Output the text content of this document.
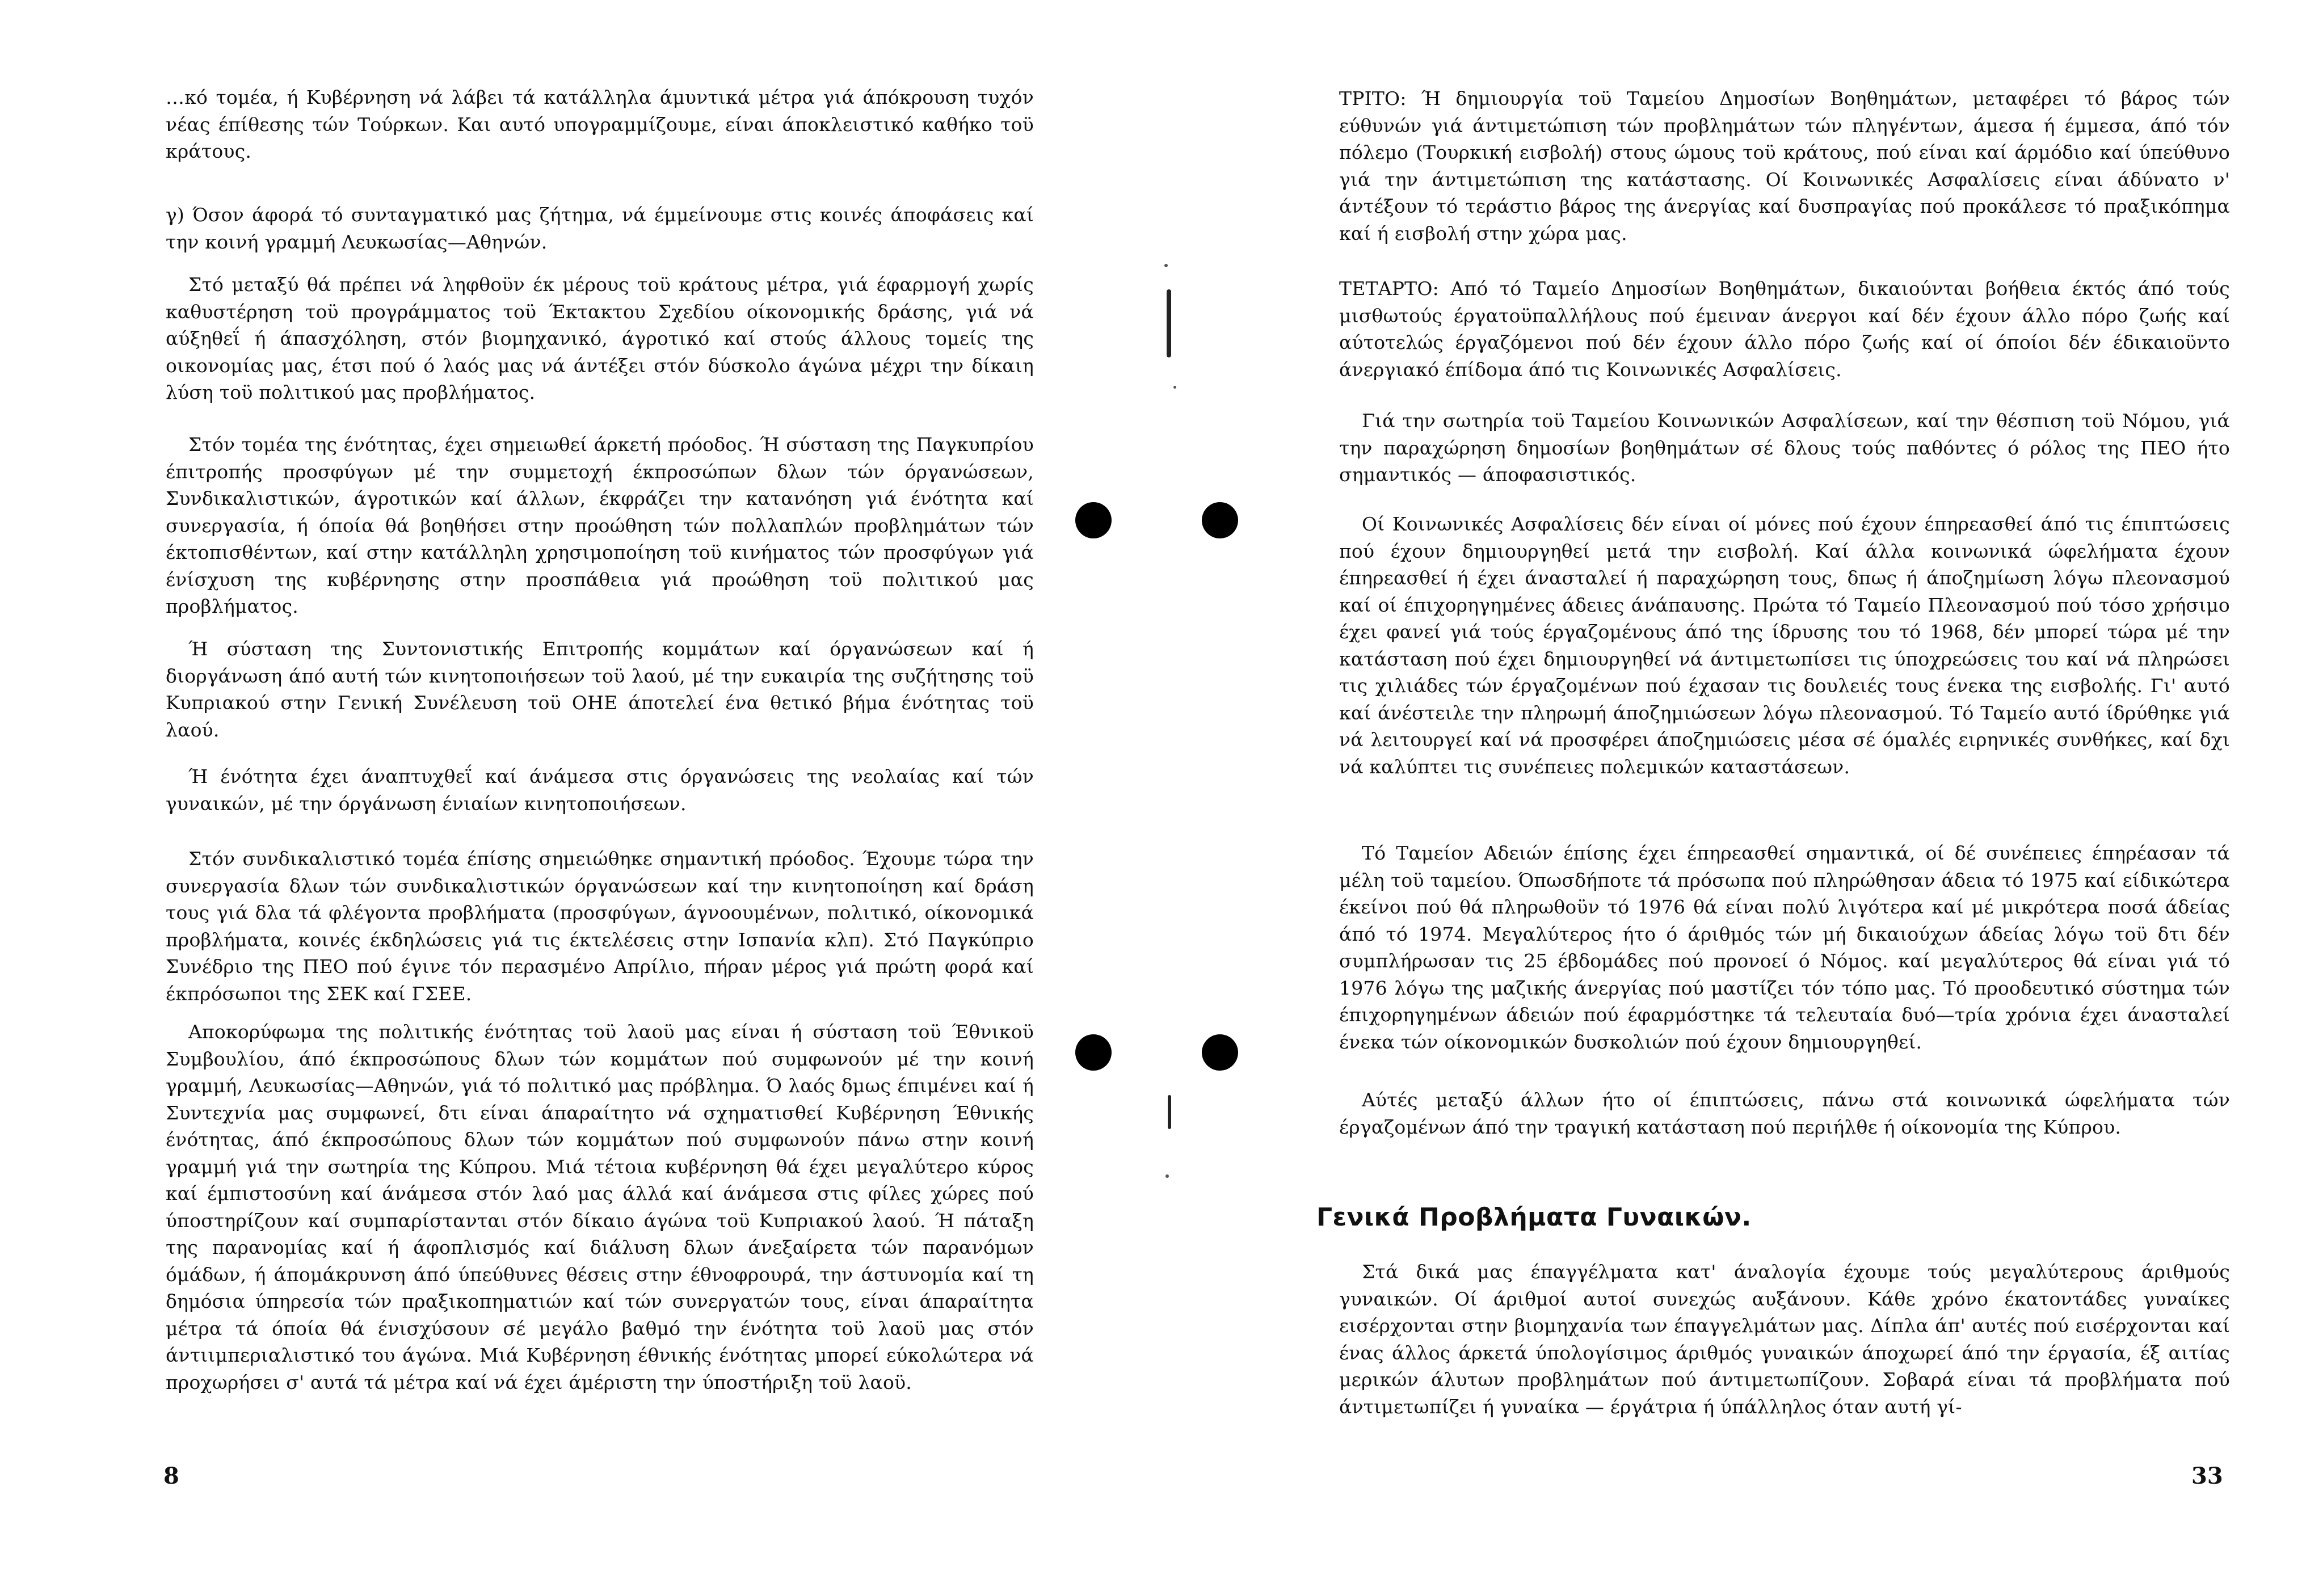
…κό τομέα, ή Κυβέρνηση νά λάβει τά κατάλληλα άμυντικά μέτρα γιά άπόκρουση τυχόν νέας έπίθεσης τών Τούρκων. Και αυτό υπογραμμίζουμε, είναι άποκλειστικό καθήκο τοϋ κράτους.

γ) Όσον άφορά τό συνταγματικό μας ζήτημα, νά έμμείνουμε στις κοινές άποφάσεις καί την κοινή γραμμή Λευκωσίας—Αθηνών.

Στό μεταξύ θά πρέπει νά ληφθοϋν έκ μέρους τοϋ κράτους μέτρα, γιά έφαρμογή χωρίς καθυστέρηση τοϋ προγράμματος τοϋ Έκτακτου Σχεδίου οίκονομικής δράσης, γιά νά αύξηθεΐ ή άπασχόληση, στόν βιομηχανικό, άγροτικό καί στούς άλλους τομείς της οικονομίας μας, έτσι πού ό λαός μας νά άντέξει στόν δύσκολο άγώνα μέχρι την δίκαιη λύση τοϋ πολιτικού μας προβλήματος.

Στόν τομέα της ένότητας, έχει σημειωθεί άρκετή πρόοδος. Ή σύσταση της Παγκυπρίου έπιτροπής προσφύγων μέ την συμμετοχή έκπροσώπων δλων τών όργανώσεων, Συνδικαλιστικών, άγροτικών καί άλλων, έκφράζει την κατανόηση γιά ένότητα καί συνεργασία, ή όποία θά βοηθήσει στην προώθηση τών πολλαπλών προβλημάτων τών έκτοπισθέντων, καί στην κατάλληλη χρησιμοποίηση τοϋ κινήματος τών προσφύγων γιά ένίσχυση της κυβέρνησης στην προσπάθεια γιά προώθηση τοϋ πολιτικού μας προβλήματος.

Ή σύσταση της Συντονιστικής Επιτροπής κομμάτων καί όργανώσεων καί ή διοργάνωση άπό αυτή τών κινητοποιήσεων τοϋ λαού, μέ την ευκαιρία της συζήτησης τοϋ Κυπριακού στην Γενική Συνέλευση τοϋ ΟΗΕ άποτελεί ένα θετικό βήμα ένότητας τοϋ λαού.

Ή ένότητα έχει άναπτυχθεΐ καί άνάμεσα στις όργανώσεις της νεολαίας καί τών γυναικών, μέ την όργάνωση ένιαίων κινητοποιήσεων.

Στόν συνδικαλιστικό τομέα έπίσης σημειώθηκε σημαντική πρόοδος. Έχουμε τώρα την συνεργασία δλων τών συνδικαλιστικών όργανώσεων καί την κινητοποίηση καί δράση τους γιά δλα τά φλέγοντα προβλήματα (προσφύγων, άγνοουμένων, πολιτικό, οίκονομικά προβλήματα, κοινές έκδηλώσεις γιά τις έκτελέσεις στην Ισπανία κλπ). Στό Παγκύπριο Συνέδριο της ΠΕΟ πού έγινε τόν περασμένο Απρίλιο, πήραν μέρος γιά πρώτη φορά καί έκπρόσωποι της ΣΕΚ καί ΓΣΕΕ.

Αποκορύφωμα της πολιτικής ένότητας τοϋ λαοϋ μας είναι ή σύσταση τοϋ Έθνικοϋ Συμβουλίου, άπό έκπροσώπους δλων τών κομμάτων πού συμφωνούν μέ την κοινή γραμμή, Λευκωσίας—Αθηνών, γιά τό πολιτικό μας πρόβλημα. Ό λαός δμως έπιμένει καί ή Συντεχνία μας συμφωνεί, δτι είναι άπαραίτητο νά σχηματισθεί Κυβέρνηση Έθνικής ένότητας, άπό έκπροσώπους δλων τών κομμάτων πού συμφωνούν πάνω στην κοινή γραμμή γιά την σωτηρία της Κύπρου. Μιά τέτοια κυβέρνηση θά έχει μεγαλύτερο κύρος καί έμπιστοσύνη καί άνάμεσα στόν λαό μας άλλά καί άνάμεσα στις φίλες χώρες πού ύποστηρίζουν καί συμπαρίστανται στόν δίκαιο άγώνα τοϋ Κυπριακού λαού. Ή πάταξη της παρανομίας καί ή άφοπλισμός καί διάλυση δλων άνεξαίρετα τών παρανόμων όμάδων, ή άπομάκρυνση άπό ύπεύθυνες θέσεις στην έθνοφρουρά, την άστυνομία καί τη δημόσια ύπηρεσία τών πραξικοπηματιών καί τών συνεργατών τους, είναι άπαραίτητα μέτρα τά όποία θά ένισχύσουν σέ μεγάλο βαθμό την ένότητα τοϋ λαοϋ μας στόν άντιιμπεριαλιστικό του άγώνα. Μιά Κυβέρνηση έθνικής ένότητας μπορεί εύκολώτερα νά προχωρήσει σ' αυτά τά μέτρα καί νά έχει άμέριστη την ύποστήριξη τοϋ λαοϋ.

8

ΤΡΙΤΟ: Ή δημιουργία τοϋ Ταμείου Δημοσίων Βοηθημάτων, μεταφέρει τό βάρος τών εύθυνών γιά άντιμετώπιση τών προβλημάτων τών πληγέντων, άμεσα ή έμμεσα, άπό τόν πόλεμο (Τουρκική εισβολή) στους ώμους τοϋ κράτους, πού είναι καί άρμόδιο καί ύπεύθυνο γιά την άντιμετώπιση της κατάστασης. Οί Κοινωνικές Ασφαλίσεις είναι άδύνατο ν' άντέξουν τό τεράστιο βάρος της άνεργίας καί δυσπραγίας πού προκάλεσε τό πραξικόπημα καί ή εισβολή στην χώρα μας.

ΤΕΤΑΡΤΟ: Από τό Ταμείο Δημοσίων Βοηθημάτων, δικαιούνται βοήθεια έκτός άπό τούς μισθωτούς έργατοϋπαλλήλους πού έμειναν άνεργοι καί δέν έχουν άλλο πόρο ζωής καί αύτοτελώς έργαζόμενοι πού δέν έχουν άλλο πόρο ζωής καί οί όποίοι δέν έδικαιοϋντο άνεργιακό έπίδομα άπό τις Κοινωνικές Ασφαλίσεις.

Γιά την σωτηρία τοϋ Ταμείου Κοινωνικών Ασφαλίσεων, καί την θέσπιση τοϋ Νόμου, γιά την παραχώρηση δημοσίων βοηθημάτων σέ δλους τούς παθόντες ό ρόλος της ΠΕΟ ήτο σημαντικός — άποφασιστικός.

Οί Κοινωνικές Ασφαλίσεις δέν είναι οί μόνες πού έχουν έπηρεασθεί άπό τις έπιπτώσεις πού έχουν δημιουργηθεί μετά την εισβολή. Καί άλλα κοινωνικά ώφελήματα έχουν έπηρεασθεί ή έχει άνασταλεί ή παραχώρηση τους, δπως ή άποζημίωση λόγω πλεονασμού καί οί έπιχορηγημένες άδειες άνάπαυσης. Πρώτα τό Ταμείο Πλεονασμού πού τόσο χρήσιμο έχει φανεί γιά τούς έργαζομένους άπό της ίδρυσης του τό 1968, δέν μπορεί τώρα μέ την κατάσταση πού έχει δημιουργηθεί νά άντιμετωπίσει τις ύποχρεώσεις του καί νά πληρώσει τις χιλιάδες τών έργαζομένων πού έχασαν τις δουλειές τους ένεκα της εισβολής. Γι' αυτό καί άνέστειλε την πληρωμή άποζημιώσεων λόγω πλεονασμού. Τό Ταμείο αυτό ίδρύθηκε γιά νά λειτουργεί καί νά προσφέρει άποζημιώσεις μέσα σέ όμαλές ειρηνικές συνθήκες, καί δχι νά καλύπτει τις συνέπειες πολεμικών καταστάσεων.

Τό Ταμείον Αδειών έπίσης έχει έπηρεασθεί σημαντικά, οί δέ συνέπειες έπηρέασαν τά μέλη τοϋ ταμείου. Όπωσδήποτε τά πρόσωπα πού πληρώθησαν άδεια τό 1975 καί είδικώτερα έκείνοι πού θά πληρωθοϋν τό 1976 θά είναι πολύ λιγότερα καί μέ μικρότερα ποσά άδείας άπό τό 1974. Μεγαλύτερος ήτο ό άριθμός τών μή δικαιούχων άδείας λόγω τοϋ δτι δέν συμπλήρωσαν τις 25 έβδομάδες πού προνοεί ό Νόμος. καί μεγαλύτερος θά είναι γιά τό 1976 λόγω της μαζικής άνεργίας πού μαστίζει τόν τόπο μας. Τό προοδευτικό σύστημα τών έπιχορηγημένων άδειών πού έφαρμόστηκε τά τελευταία δυό—τρία χρόνια έχει άνασταλεί ένεκα τών οίκονομικών δυσκολιών πού έχουν δημιουργηθεί.

Αύτές μεταξύ άλλων ήτο οί έπιπτώσεις, πάνω στά κοινωνικά ώφελήματα τών έργαζομένων άπό την τραγική κατάσταση πού περιήλθε ή οίκονομία της Κύπρου.

Γενικά Προβλήματα Γυναικών.

Στά δικά μας έπαγγέλματα κατ' άναλογία έχουμε τούς μεγαλύτερους άριθμούς γυναικών. Οί άριθμοί αυτοί συνεχώς αυξάνουν. Κάθε χρόνο έκατοντάδες γυναίκες εισέρχονται στην βιομηχανία των έπαγγελμάτων μας. Δίπλα άπ' αυτές πού εισέρχονται καί ένας άλλος άρκετά ύπολογίσιμος άριθμός γυναικών άποχωρεί άπό την έργασία, έξ αιτίας μερικών άλυτων προβλημάτων πού άντιμετωπίζουν. Σοβαρά είναι τά προβλήματα πού άντιμετωπίζει ή γυναίκα — έργάτρια ή ύπάλληλος όταν αυτή γί-

33
